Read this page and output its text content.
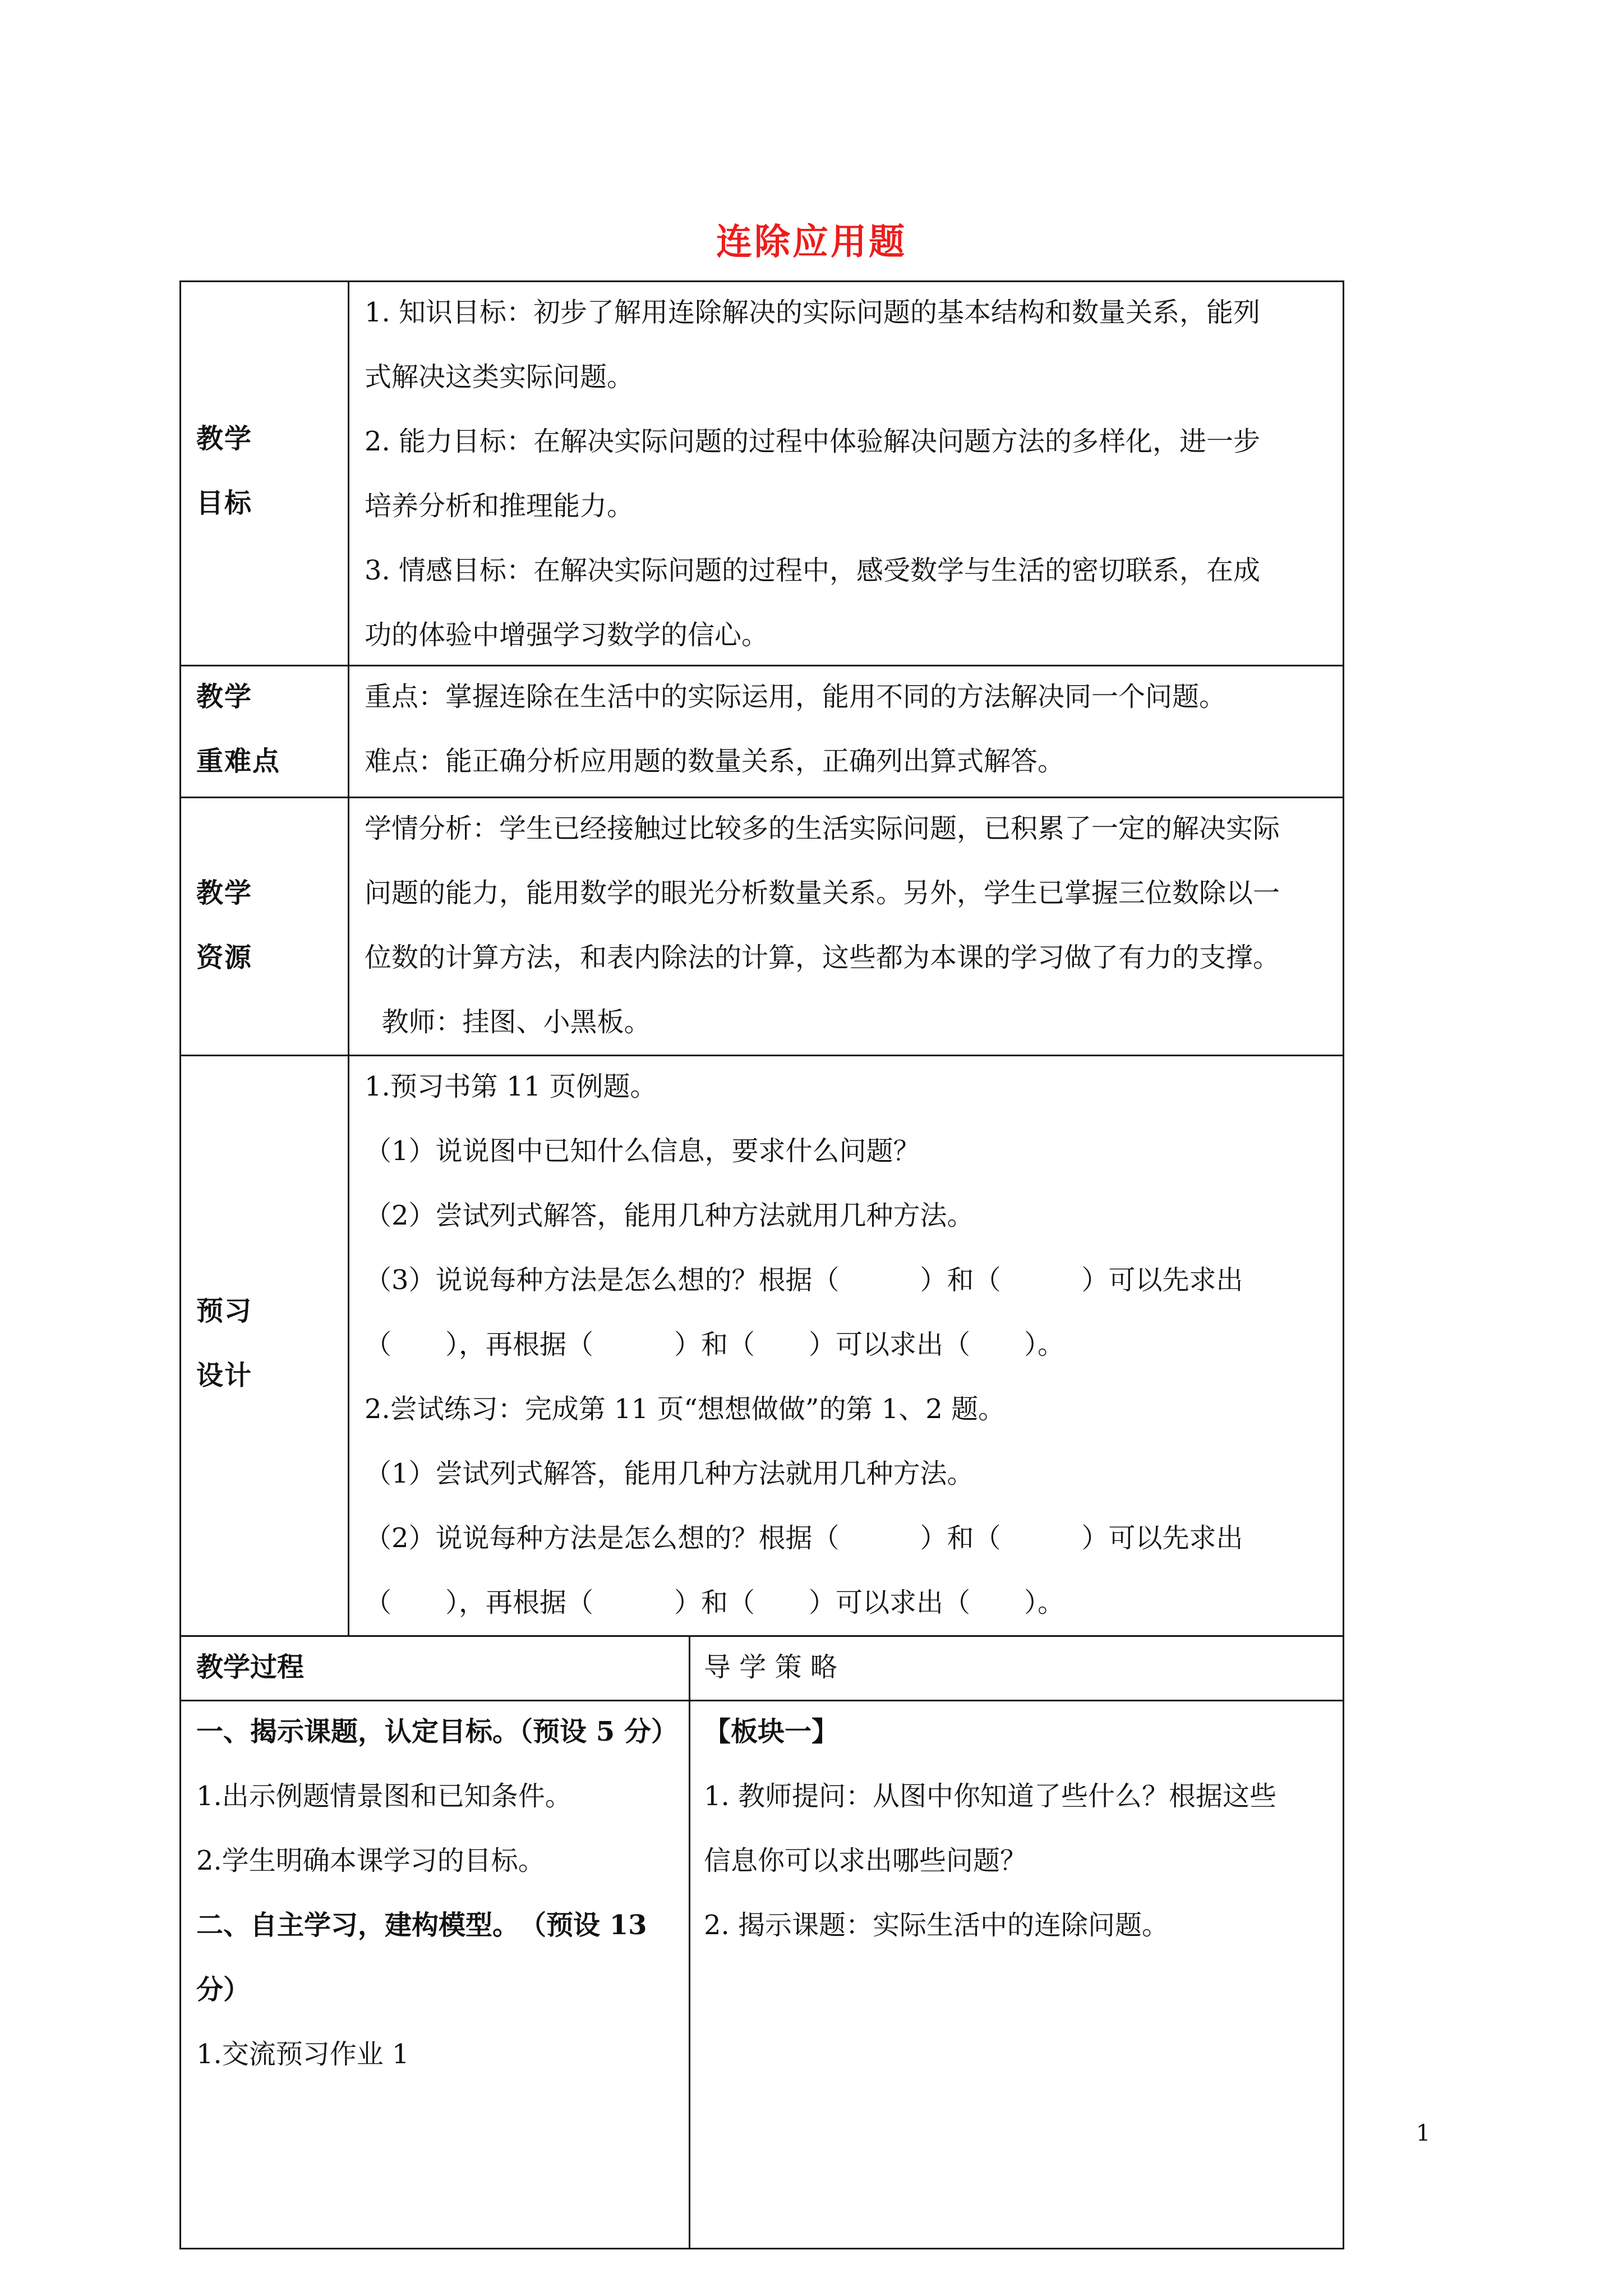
连除应用题

教学

目标

1. 知识目标：初步了解用连除解决的实际问题的基本结构和数量关系，能列

式解决这类实际问题。

2. 能力目标：在解决实际问题的过程中体验解决问题方法的多样化，进一步

培养分析和推理能力。

3. 情感目标：在解决实际问题的过程中，感受数学与生活的密切联系，在成

功的体验中增强学习数学的信心。

教学

重难点

重点：掌握连除在生活中的实际运用，能用不同的方法解决同一个问题。

难点：能正确分析应用题的数量关系，正确列出算式解答。

教学

资源

学情分析：学生已经接触过比较多的生活实际问题，已积累了一定的解决实际

问题的能力，能用数学的眼光分析数量关系。另外，学生已掌握三位数除以一

位数的计算方法，和表内除法的计算，这些都为本课的学习做了有力的支撑。

教师：挂图、小黑板。

预习

设计

1.预习书第 11 页例题。

（1）说说图中已知什么信息，要求什么问题？

（2）尝试列式解答，能用几种方法就用几种方法。

（3）说说每种方法是怎么想的？根据（　　　）和（　　　）可以先求出

（　　），再根据（　　　）和（　　）可以求出（　　）。

2.尝试练习：完成第 11 页“想想做做”的第 1、2 题。

（1）尝试列式解答，能用几种方法就用几种方法。

（2）说说每种方法是怎么想的？根据（　　　）和（　　　）可以先求出

（　　），再根据（　　　）和（　　）可以求出（　　）。

教学过程	导 学 策 略

一、揭示课题，认定目标。（预设 5 分）

1.出示例题情景图和已知条件。

2.学生明确本课学习的目标。

二、自主学习，建构模型。　（预设 13

分）

1.交流预习作业 1

【板块一】

1. 教师提问：从图中你知道了些什么？根据这些

信息你可以求出哪些问题？

2. 揭示课题：实际生活中的连除问题。

1
